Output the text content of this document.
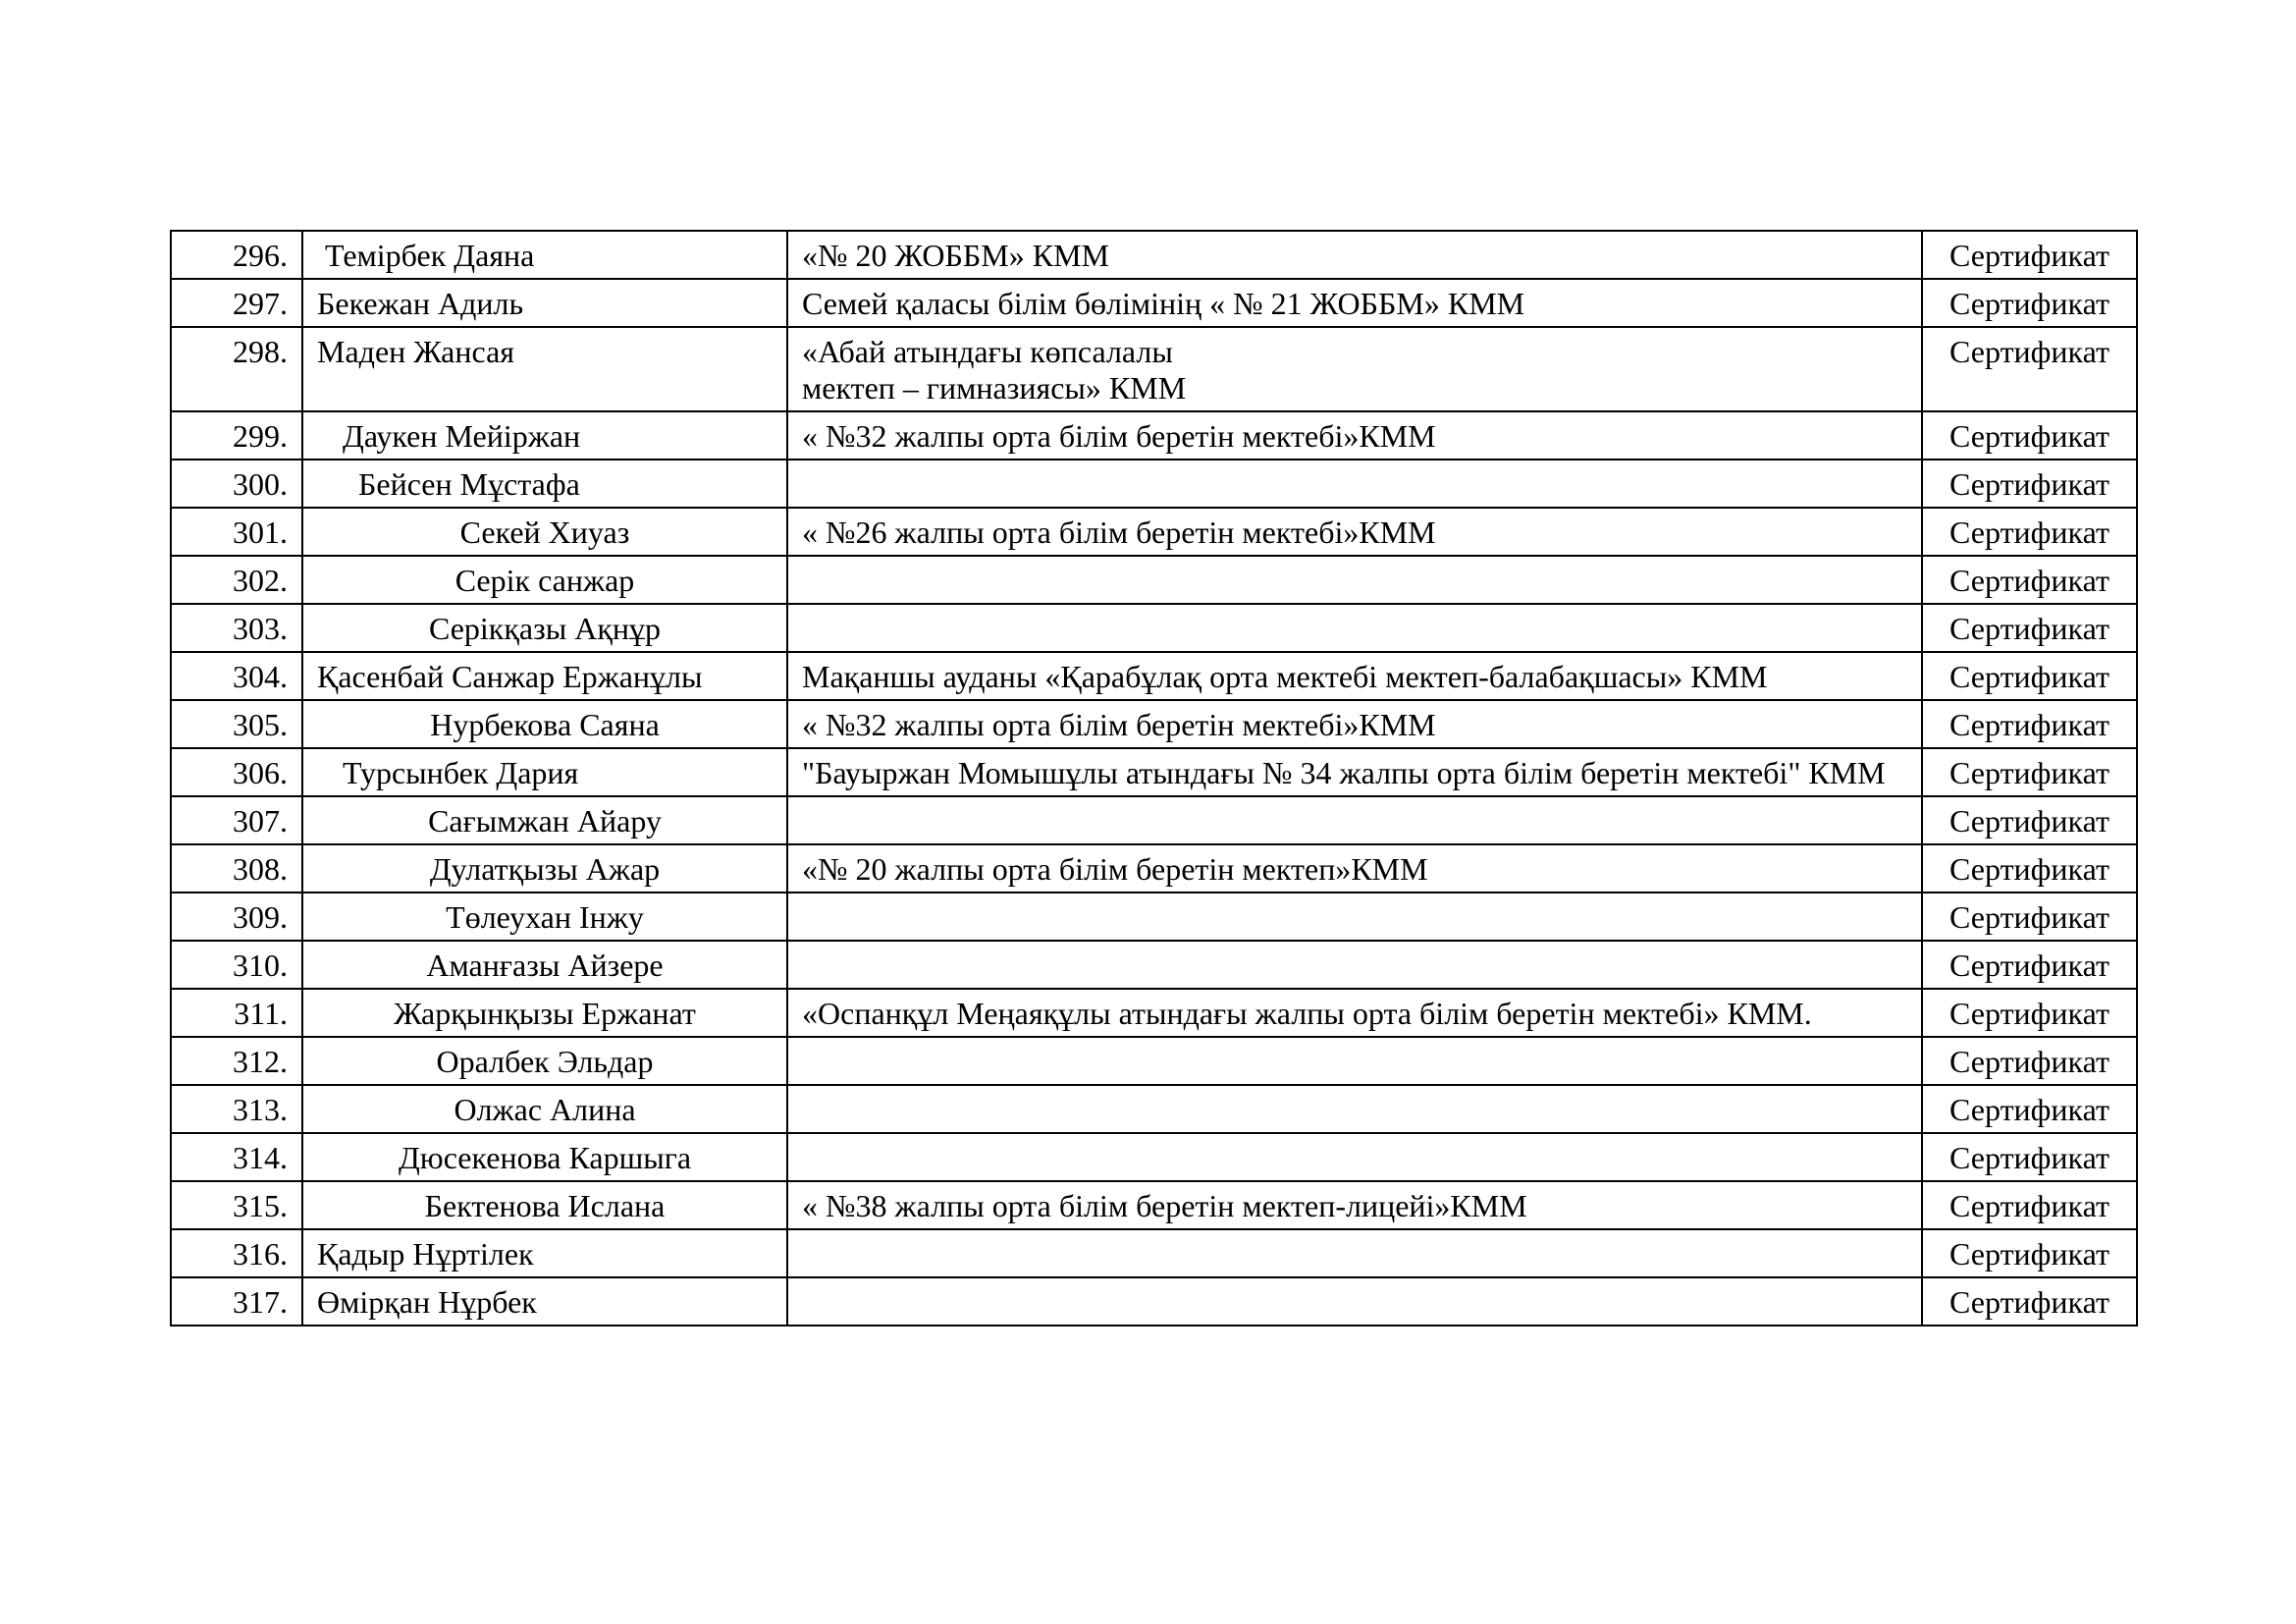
296.	Темірбек Даяна	«№ 20 ЖОББМ» КММ	Сертификат
297.	Бекежан Адиль	Семей қаласы білім бөлімінің « № 21 ЖОББМ» КММ	Сертификат
298.	Маден Жансая	«Абай атындағы көпсалалы
мектеп – гимназиясы» КММ	Сертификат
299.	Даукен Мейіржан	« №32 жалпы орта білім беретін мектебі»КММ	Сертификат
300.	Бейсен Мұстафа		Сертификат
301.	Секей Хиуаз	« №26 жалпы орта білім беретін мектебі»КММ	Сертификат
302.	Серік санжар		Сертификат
303.	Серікқазы Ақнұр		Сертификат
304.	Қасенбай Санжар Ержанұлы	Мақаншы ауданы «Қарабұлақ орта мектебі мектеп-балабақшасы» КММ	Сертификат
305.	Нурбекова Саяна	« №32 жалпы орта білім беретін мектебі»КММ	Сертификат
306.	Турсынбек Дария	"Бауыржан Момышұлы атындағы № 34 жалпы орта білім беретін мектебі" КММ	Сертификат
307.	Сағымжан Айару		Сертификат
308.	Дулатқызы Ажар	«№ 20 жалпы орта білім беретін мектеп»КММ	Сертификат
309.	Төлеухан Інжу		Сертификат
310.	Аманғазы Айзере		Сертификат
311.	Жарқынқызы Ержанат	«Оспанқұл Меңаяқұлы атындағы жалпы орта білім беретін мектебі» КММ.	Сертификат
312.	Оралбек Эльдар		Сертификат
313.	Олжас Алина		Сертификат
314.	Дюсекенова Каршыга		Сертификат
315.	Бектенова Ислана	« №38 жалпы орта білім беретін мектеп-лицейі»КММ	Сертификат
316.	Қадыр Нұртілек		Сертификат
317.	Өмірқан Нұрбек		Сертификат
